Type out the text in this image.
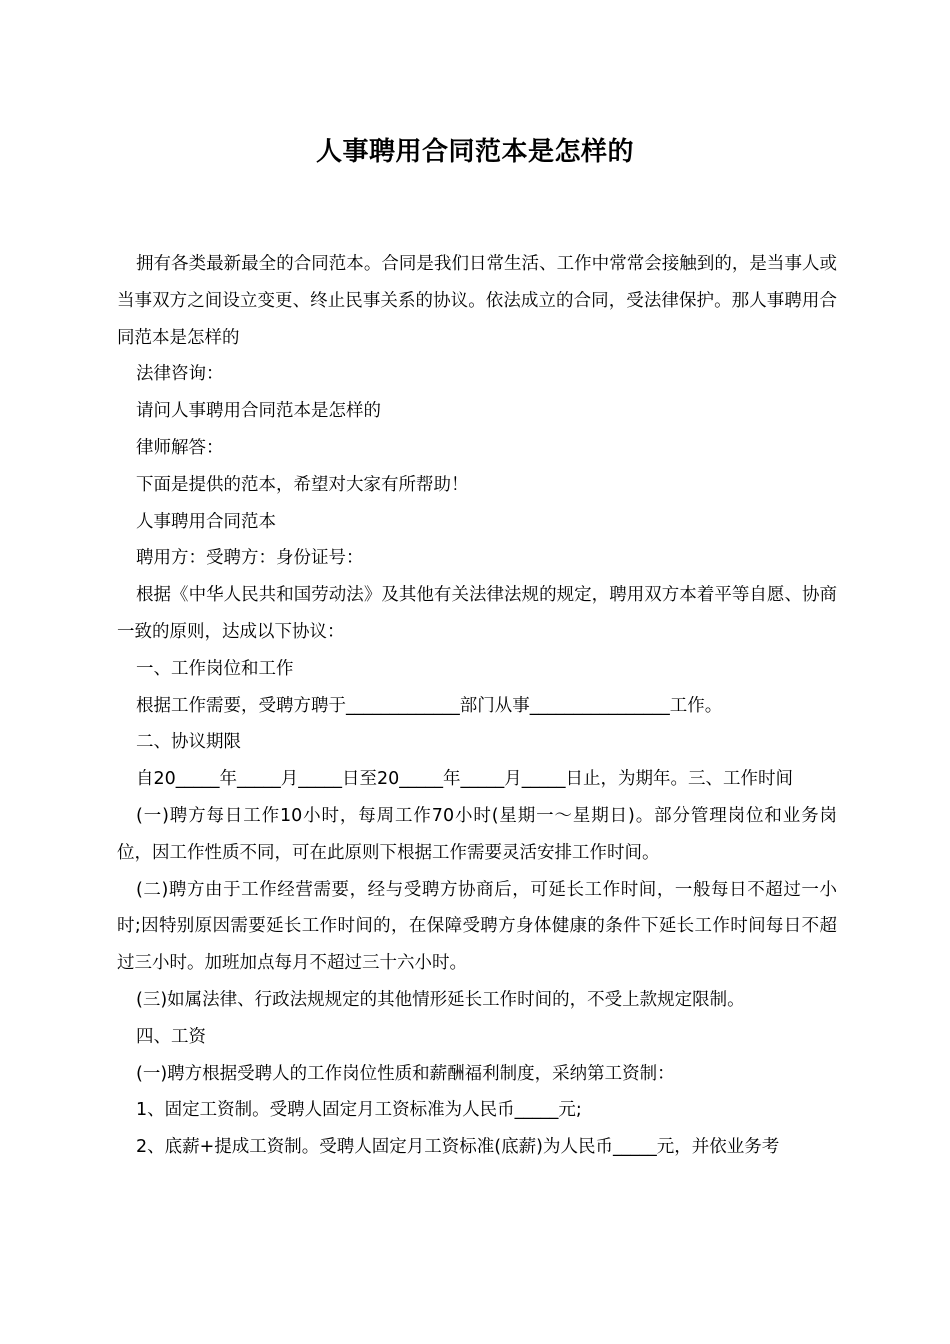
人事聘用合同范本是怎样的

拥有各类最新最全的合同范本。合同是我们日常生活、工作中常常会接触到的，是当事人或当事双方之间设立变更、终止民事关系的协议。依法成立的合同，受法律保护。那人事聘用合同范本是怎样的

法律咨询：

请问人事聘用合同范本是怎样的

律师解答：

下面是提供的范本，希望对大家有所帮助！

人事聘用合同范本

聘用方：受聘方：身份证号：

根据《中华人民共和国劳动法》及其他有关法律法规的规定，聘用双方本着平等自愿、协商一致的原则，达成以下协议：

一、工作岗位和工作

根据工作需要，受聘方聘于_____________部门从事________________工作。

二、协议期限

自20_____年_____月_____日至20_____年_____月_____日止，为期年。三、工作时间

(一)聘方每日工作10小时，每周工作70小时(星期一～星期日)。部分管理岗位和业务岗位，因工作性质不同，可在此原则下根据工作需要灵活安排工作时间。

(二)聘方由于工作经营需要，经与受聘方协商后，可延长工作时间，一般每日不超过一小时;因特别原因需要延长工作时间的，在保障受聘方身体健康的条件下延长工作时间每日不超过三小时。加班加点每月不超过三十六小时。

(三)如属法律、行政法规规定的其他情形延长工作时间的，不受上款规定限制。

四、工资

(一)聘方根据受聘人的工作岗位性质和薪酬福利制度，采纳第工资制：

1、固定工资制。受聘人固定月工资标准为人民币_____元;

2、底薪+提成工资制。受聘人固定月工资标准(底薪)为人民币_____元，并依业务考
